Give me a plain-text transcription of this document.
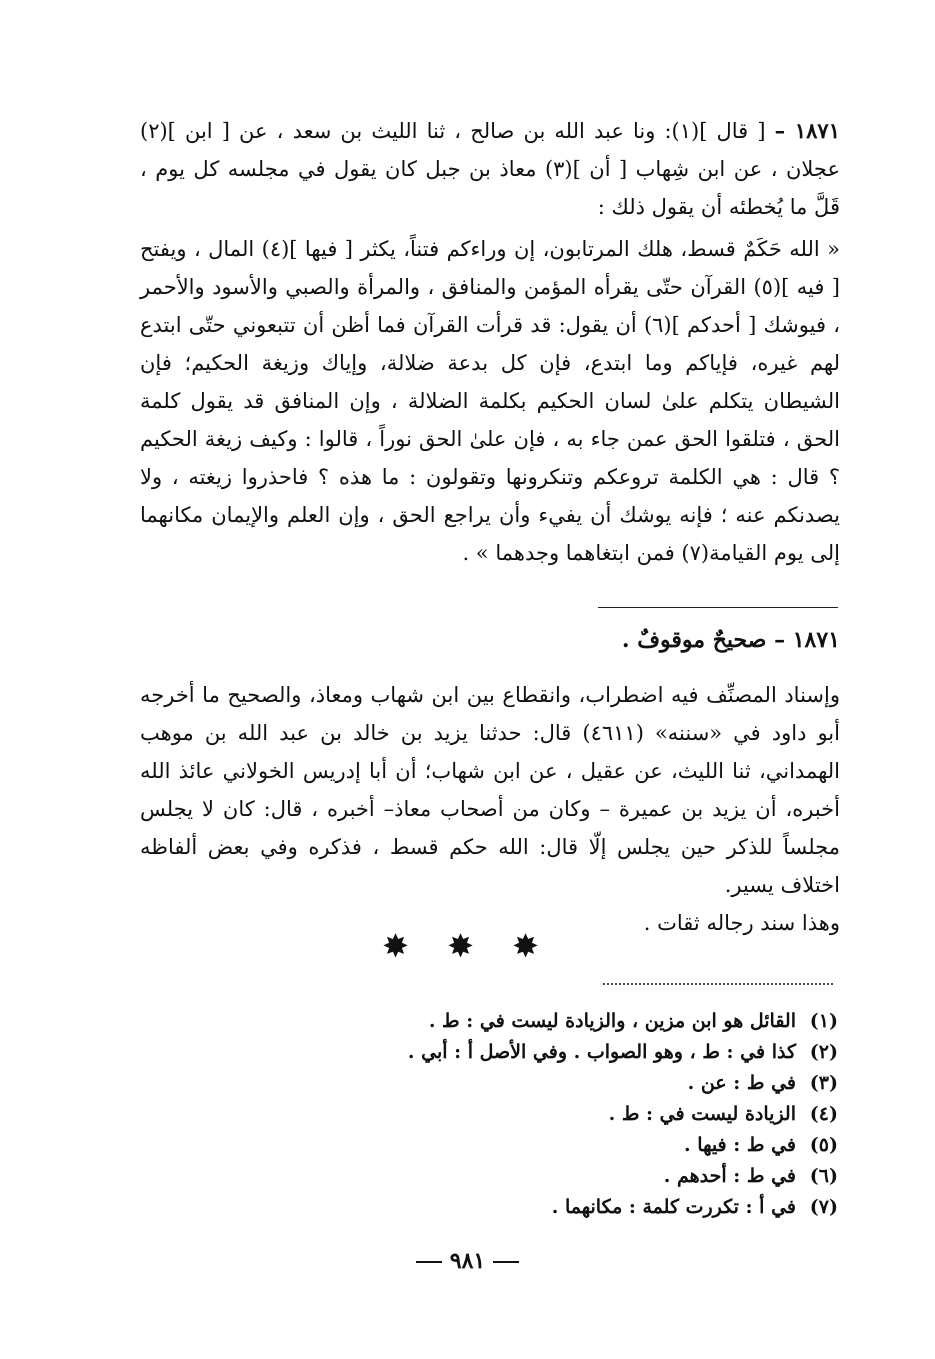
١٨٧١ – [ قال ](١): ونا عبد الله بن صالح ، ثنا الليث بن سعد ، عن [ ابن ](٢) عجلان ، عن ابن شِهاب [ أن ](٣) معاذ بن جبل كان يقول في مجلسه كل يوم ، قَلَّ ما يُخطئه أن يقول ذلك :

« الله حَكَمٌ قسط، هلك المرتابون، إن وراءكم فتناً، يكثر [ فيها ](٤) المال ، ويفتح [ فيه ](٥) القرآن حتّى يقرأه المؤمن والمنافق ، والمرأة والصبي والأسود والأحمر ، فيوشك [ أحدكم ](٦) أن يقول: قد قرأت القرآن فما أظن أن تتبعوني حتّى ابتدع لهم غيره، فإياكم وما ابتدع، فإن كل بدعة ضلالة، وإياك وزيغة الحكيم؛ فإن الشيطان يتكلم علىٰ لسان الحكيم بكلمة الضلالة ، وإن المنافق قد يقول كلمة الحق ، فتلقوا الحق عمن جاء به ، فإن علىٰ الحق نوراً ، قالوا : وكيف زيغة الحكيم ؟ قال : هي الكلمة تروعكم وتنكرونها وتقولون : ما هذه ؟ فاحذروا زيغته ، ولا يصدنكم عنه ؛ فإنه يوشك أن يفيء وأن يراجع الحق ، وإن العلم والإيمان مكانهما إلى يوم القيامة(٧) فمن ابتغاهما وجدهما » .

١٨٧١ – صحيحٌ موقوفٌ .

وإسناد المصنِّف فيه اضطراب، وانقطاع بين ابن شهاب ومعاذ، والصحيح ما أخرجه أبو داود في «سننه» (٤٦١١) قال: حدثنا يزيد بن خالد بن عبد الله بن موهب الهمداني، ثنا الليث، عن عقيل ، عن ابن شهاب؛ أن أبا إدريس الخولاني عائذ الله أخبره، أن يزيد بن عميرة – وكان من أصحاب معاذ– أخبره ، قال: كان لا يجلس مجلساً للذكر حين يجلس إلّا قال: الله حكم قسط ، فذكره وفي بعض ألفاظه اختلاف يسير.

وهذا سند رجاله ثقات .

✸ ✸ ✸
(١)
القائل هو ابن مزين ، والزيادة ليست في : ط .
(٢)
كذا في : ط ، وهو الصواب . وفي الأصل أ : أبي .
(٣)
في ط : عن .
(٤)
الزيادة ليست في : ط .
(٥)
في ط : فيها .
(٦)
في ط : أحدهم .
(٧)
في أ : تكررت كلمة : مكانهما .
٩٨١
